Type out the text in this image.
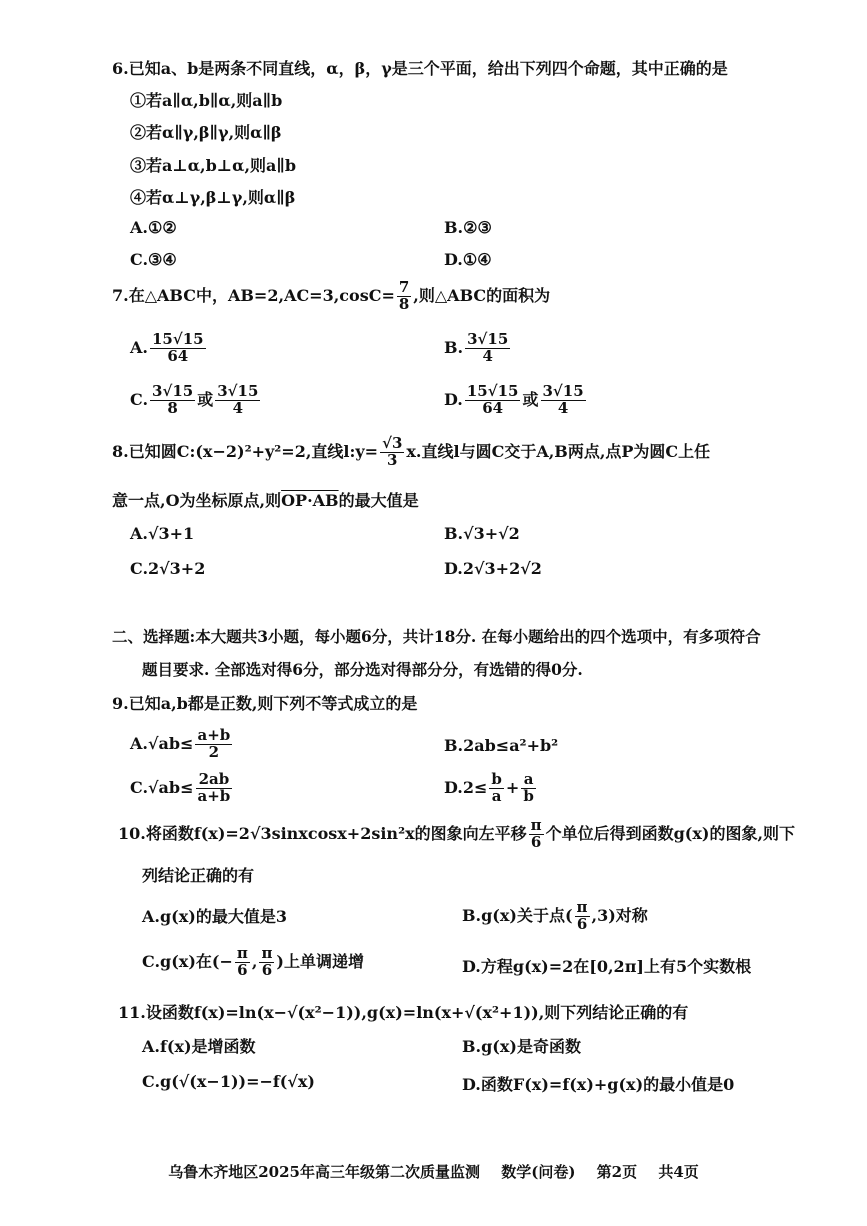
6.已知a、b是两条不同直线，α，β，γ是三个平面，给出下列四个命题，其中正确的是
①若a∥α,b∥α,则a∥b
②若α∥γ,β∥γ,则α∥β
③若a⊥α,b⊥α,则a∥b
④若α⊥γ,β⊥γ,则α∥β
A.①②	B.②③
C.③④	D.①④
7.在△ABC中，$AB=2,AC=3,\cos C= \frac{7}{8}$ ,则△ABC的面积为
A. $\frac{15√15}{64}$	B. $\frac{3√15}{4}$
C. $\frac{3√15}{8}$ 或 $\frac{3√15}{4}$	D. $\frac{15√15}{64}$ 或 $\frac{3√15}{4}$
8.已知圆C:(x−2)²+y²=2,直线l:y= $\frac{√3}{3} x$.直线l与圆C交于A,B两点,点P为圆C上任
意一点,O为坐标原点,则OP·AB的最大值是
A.√3+1	B.√3+√2
C.2√3+2	D.2√3+2√2
二、选择题:本大题共3小题，每小题6分，共计18分. 在每小题给出的四个选项中，有多项符合
题目要求. 全部选对得6分，部分选对得部分分，有选错的得0分.
9.已知a,b都是正数,则下列不等式成立的是
$A.√ab\le \frac{a+b}{2}$	B.2ab≤a²+b²
$C.√ab\le \frac{2ab}{a+b}$	$D.2\le \frac{b}{a} + \frac{a}{b}$
10.将函数f(x)=2√3sinxcosx+2sin²x的图象向左平移 $\frac{\pi}{6}$ 个单位后得到函数g(x)的图象,则下
列结论正确的有
A.g(x)的最大值是3	B.g(x)关于点( $\frac{\pi}{6} ,3$)对称
C.g(x)在(− $\frac{\pi}{6}$ , $\frac{\pi}{6}$ )上单调递增	D.方程g(x)=2在[0,2π]上有5个实数根
11.设函数f(x)=ln(x−√(x²−1)),g(x)=ln(x+√(x²+1)),则下列结论正确的有
A.f(x)是增函数	B.g(x)是奇函数
C.g(√(x−1))=−f(√x)	D.函数F(x)=f(x)+g(x)的最小值是0
乌鲁木齐地区2025年高三年级第二次质量监测 数学(问卷) 第2页 共4页
